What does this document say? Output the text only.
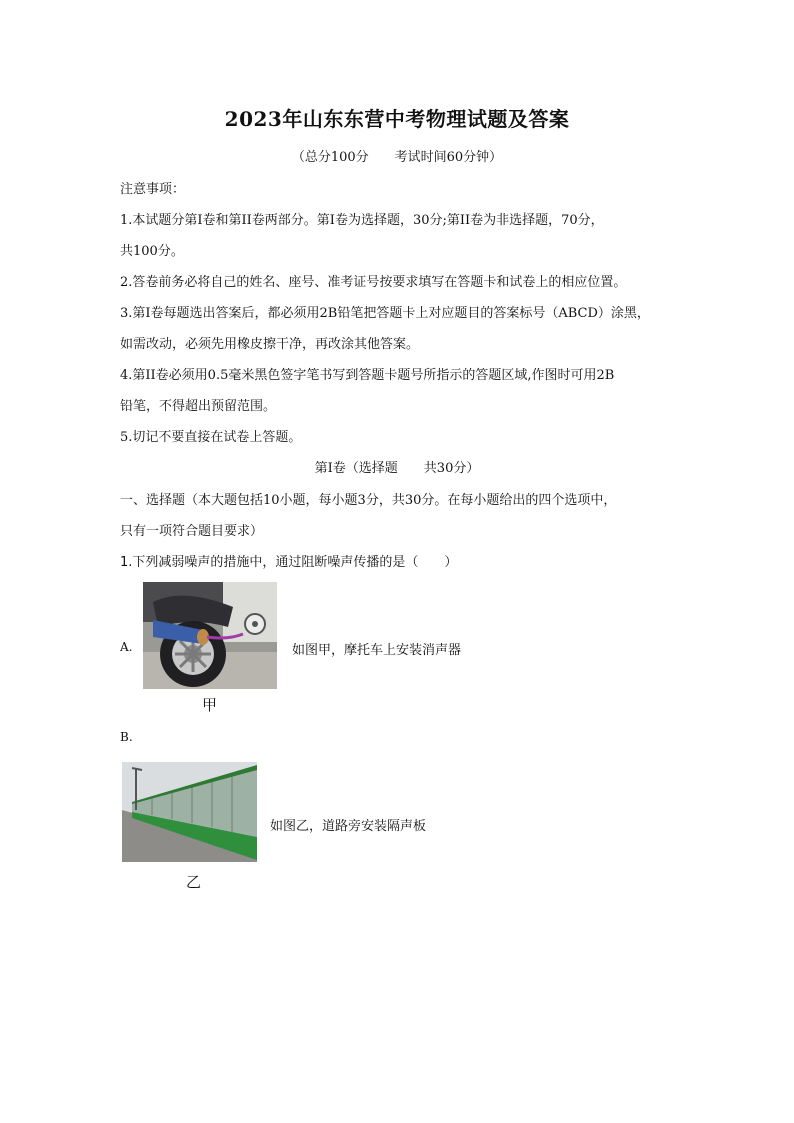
2023年山东东营中考物理试题及答案
（总分100分　　考试时间60分钟）
注意事项：
1.本试题分第I卷和第II卷两部分。第I卷为选择题，30分;第II卷为非选择题，70分，
共100分。
2.答卷前务必将自己的姓名、座号、准考证号按要求填写在答题卡和试卷上的相应位置。
3.第I卷每题选出答案后，都必须用2B铅笔把答题卡上对应题目的答案标号（ABCD）涂黑，
如需改动，必须先用橡皮擦干净，再改涂其他答案。
4.第II卷必须用0.5毫米黑色签字笔书写到答题卡题号所指示的答题区域,作图时可用2B
铅笔，不得超出预留范围。
5.切记不要直接在试卷上答题。
第I卷（选择题　　共30分）
一、选择题（本大题包括10小题，每小题3分，共30分。在每小题给出的四个选项中，
只有一项符合题目要求）
1.下列减弱噪声的措施中，通过阻断噪声传播的是（　　）
A.
甲
如图甲，摩托车上安装消声器
B.
乙
如图乙，道路旁安装隔声板
